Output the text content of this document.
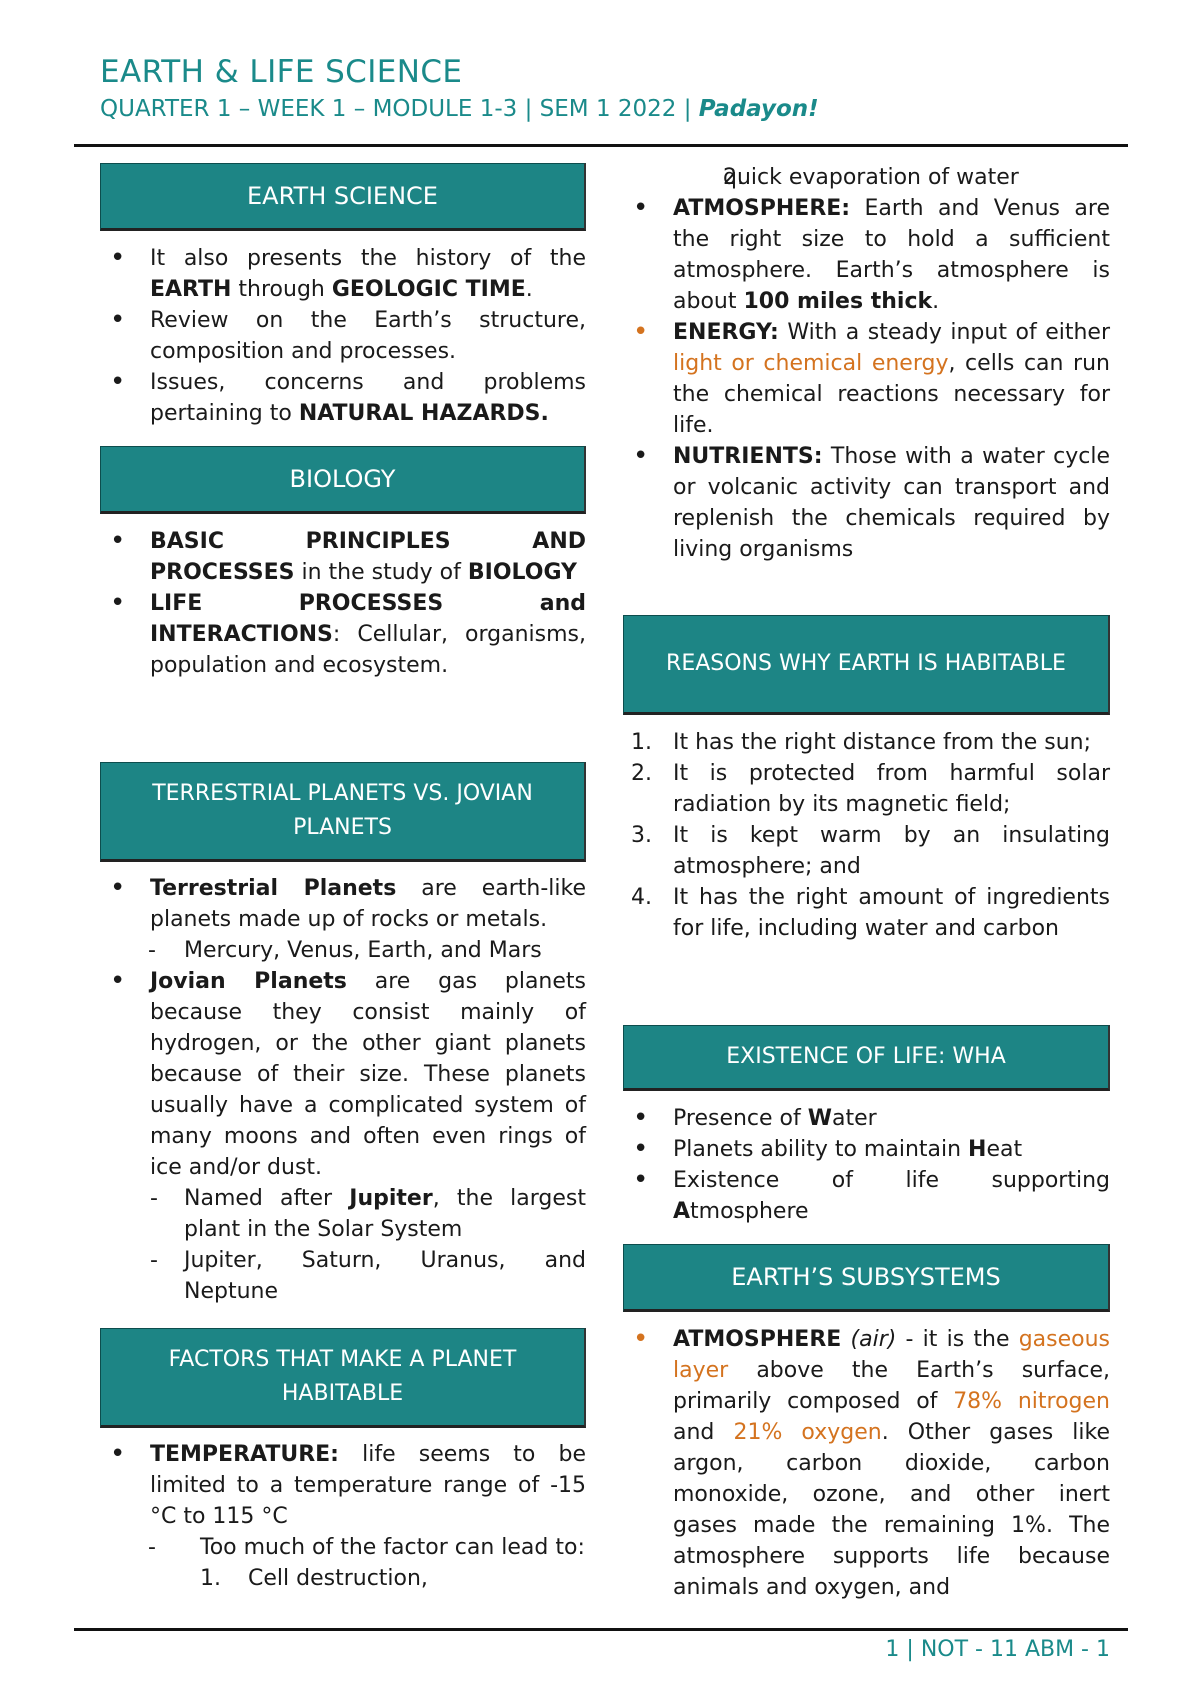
EARTH & LIFE SCIENCE
QUARTER 1 – WEEK 1 – MODULE 1-3 | SEM 1 2022 | Padayon!
EARTH SCIENCE
• It also presents the history of the EARTH through GEOLOGIC TIME.
• Review on the Earth’s structure, composition and processes.
• Issues, concerns and problems pertaining to NATURAL HAZARDS.
BIOLOGY
• BASIC PRINCIPLES AND PROCESSES in the study of BIOLOGY
• LIFE PROCESSES and INTERACTIONS: Cellular, organisms, population and ecosystem.
TERRESTRIAL PLANETS VS. JOVIAN PLANETS
• Terrestrial Planets are earth-like planets made up of rocks or metals.
- Mercury, Venus, Earth, and Mars
• Jovian Planets are gas planets because they consist mainly of hydrogen, or the other giant planets because of their size. These planets usually have a complicated system of many moons and often even rings of ice and/or dust.
- Named after Jupiter, the largest plant in the Solar System
- Jupiter, Saturn, Uranus, and Neptune
FACTORS THAT MAKE A PLANET HABITABLE
• TEMPERATURE: life seems to be limited to a temperature range of -15 °C to 115 °C
- Too much of the factor can lead to:
1. Cell destruction,
2. quick evaporation of water
• ATMOSPHERE: Earth and Venus are the right size to hold a sufficient atmosphere. Earth’s atmosphere is about 100 miles thick.
• ENERGY: With a steady input of either light or chemical energy, cells can run the chemical reactions necessary for life.
• NUTRIENTS: Those with a water cycle or volcanic activity can transport and replenish the chemicals required by living organisms
REASONS WHY EARTH IS HABITABLE
1. It has the right distance from the sun;
2. It is protected from harmful solar radiation by its magnetic field;
3. It is kept warm by an insulating atmosphere; and
4. It has the right amount of ingredients for life, including water and carbon
EXISTENCE OF LIFE: WHA
• Presence of Water
• Planets ability to maintain Heat
• Existence of life supporting Atmosphere
EARTH’S SUBSYSTEMS
• ATMOSPHERE (air) - it is the gaseous layer above the Earth’s surface, primarily composed of 78% nitrogen and 21% oxygen. Other gases like argon, carbon dioxide, carbon monoxide, ozone, and other inert gases made the remaining 1%. The atmosphere supports life because animals and oxygen, and
1 | NOT - 11 ABM - 1
